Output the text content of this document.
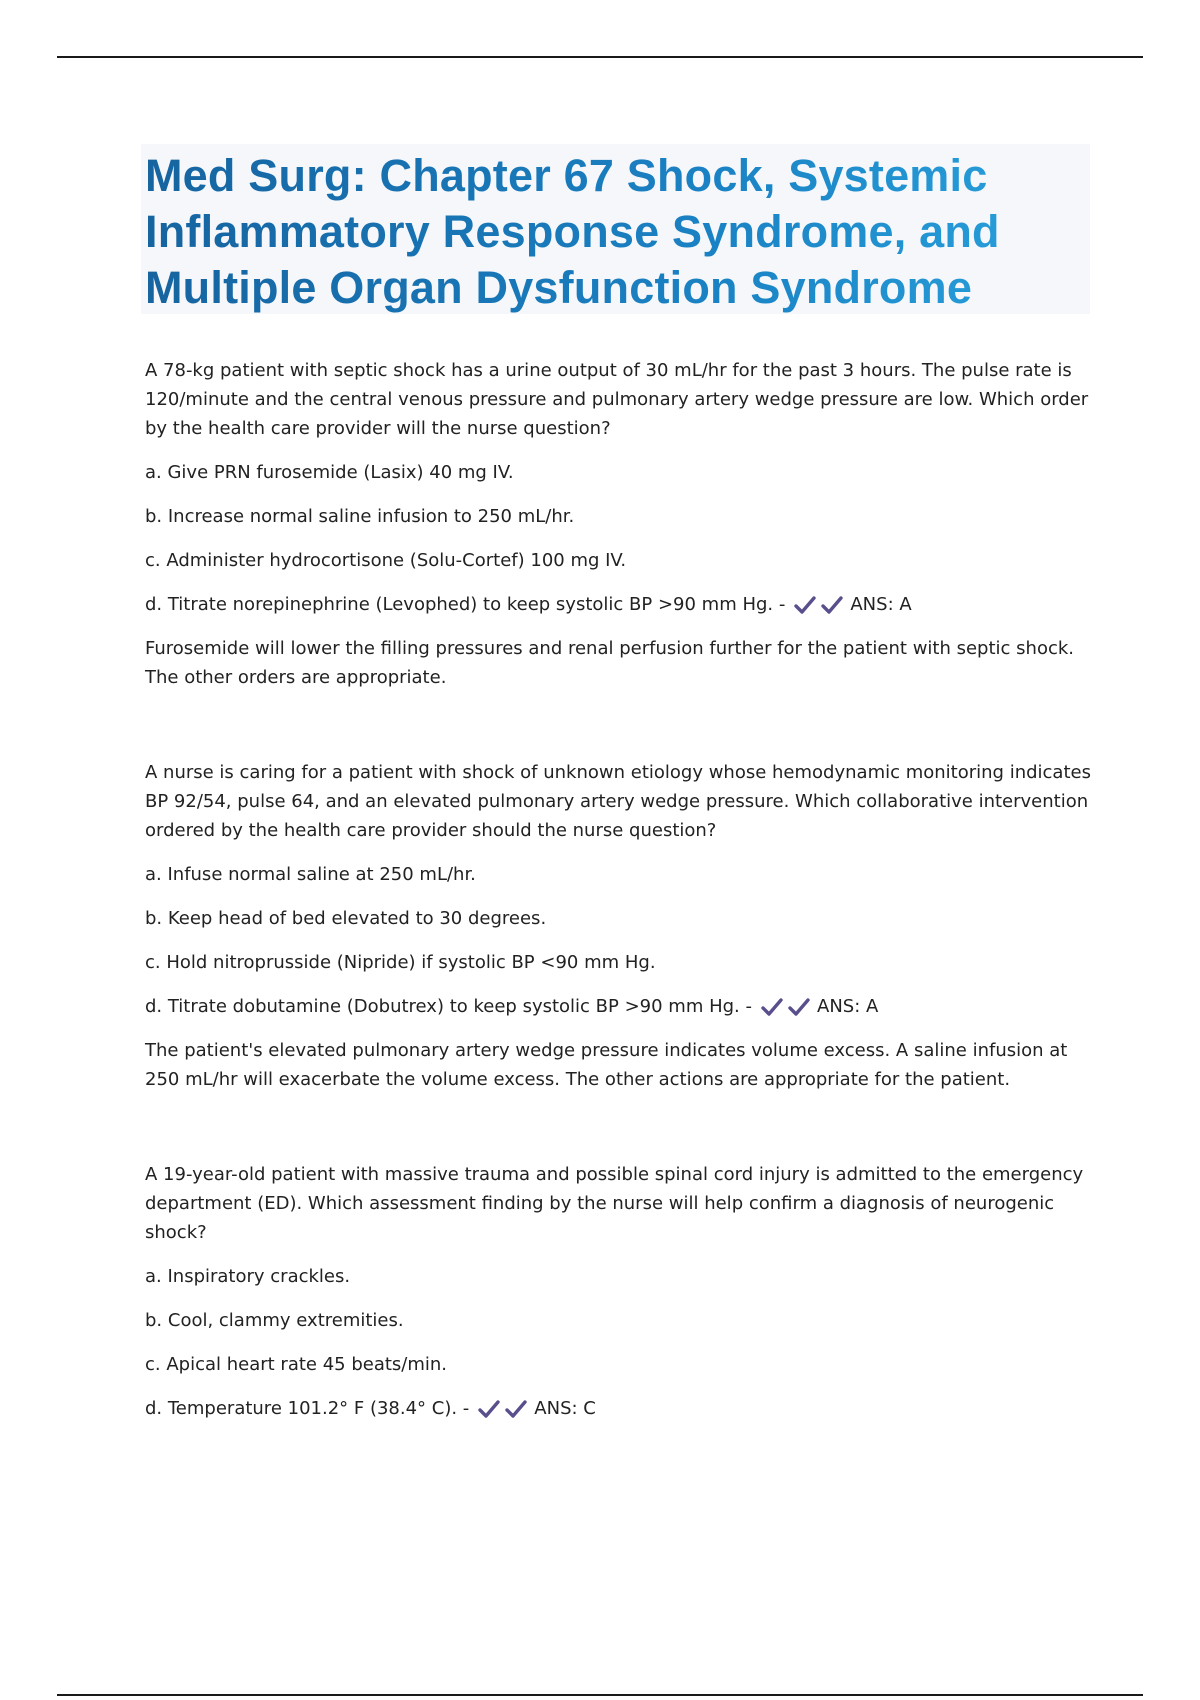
Med Surg: Chapter 67 Shock, Systemic Inflammatory Response Syndrome, and Multiple Organ Dysfunction Syndrome

A 78-kg patient with septic shock has a urine output of 30 mL/hr for the past 3 hours. The pulse rate is 120/minute and the central venous pressure and pulmonary artery wedge pressure are low. Which order by the health care provider will the nurse question?

a. Give PRN furosemide (Lasix) 40 mg IV.

b. Increase normal saline infusion to 250 mL/hr.

c. Administer hydrocortisone (Solu-Cortef) 100 mg IV.

d. Titrate norepinephrine (Levophed) to keep systolic BP >90 mm Hg. -	ANS: A

Furosemide will lower the filling pressures and renal perfusion further for the patient with septic shock. The other orders are appropriate.

A nurse is caring for a patient with shock of unknown etiology whose hemodynamic monitoring indicates BP 92/54, pulse 64, and an elevated pulmonary artery wedge pressure. Which collaborative intervention ordered by the health care provider should the nurse question?

a. Infuse normal saline at 250 mL/hr.

b. Keep head of bed elevated to 30 degrees.

c. Hold nitroprusside (Nipride) if systolic BP <90 mm Hg.

d. Titrate dobutamine (Dobutrex) to keep systolic BP >90 mm Hg. -	ANS: A

The patient's elevated pulmonary artery wedge pressure indicates volume excess. A saline infusion at 250 mL/hr will exacerbate the volume excess. The other actions are appropriate for the patient.

A 19-year-old patient with massive trauma and possible spinal cord injury is admitted to the emergency department (ED). Which assessment finding by the nurse will help confirm a diagnosis of neurogenic shock?

a. Inspiratory crackles.

b. Cool, clammy extremities.

c. Apical heart rate 45 beats/min.

d. Temperature 101.2° F (38.4° C). -	ANS: C
